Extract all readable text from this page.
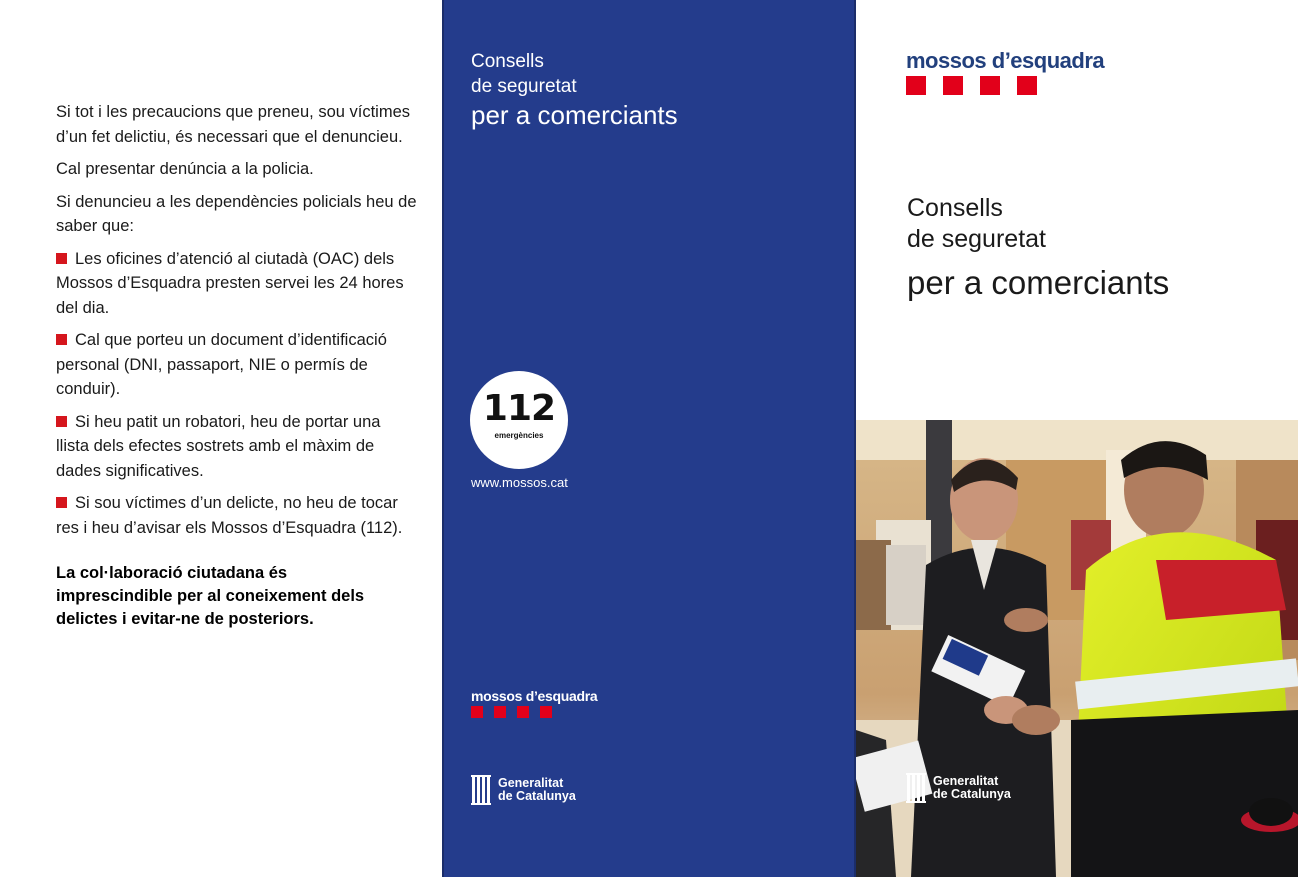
Si tot i les precaucions que preneu, sou víctimes d’un fet delictiu, és necessari que el denuncieu.

Cal presentar denúncia a la policia.

Si denuncieu a les dependències policials heu de saber que:

Les oficines d’atenció al ciutadà (OAC) dels Mossos d’Esquadra presten servei les 24 hores del dia.
Cal que porteu un document d’identificació personal (DNI, passaport, NIE o permís de conduir).
Si heu patit un robatori, heu de portar una llista dels efectes sostrets amb el màxim de dades significatives.
Si sou víctimes d’un delicte, no heu de tocar res i heu d’avisar els Mossos d’Esquadra (112).
La col·laboració ciutadana és imprescindible per al coneixement dels delictes i evitar-ne de posteriors.
Consells
de seguretat
per a comerciants
112
emergències
www.mossos.cat
mossos d’esquadra
Generalitat
de Catalunya
mossos d’esquadra
Consells
de seguretat
per a comerciants
Generalitat
de Catalunya
